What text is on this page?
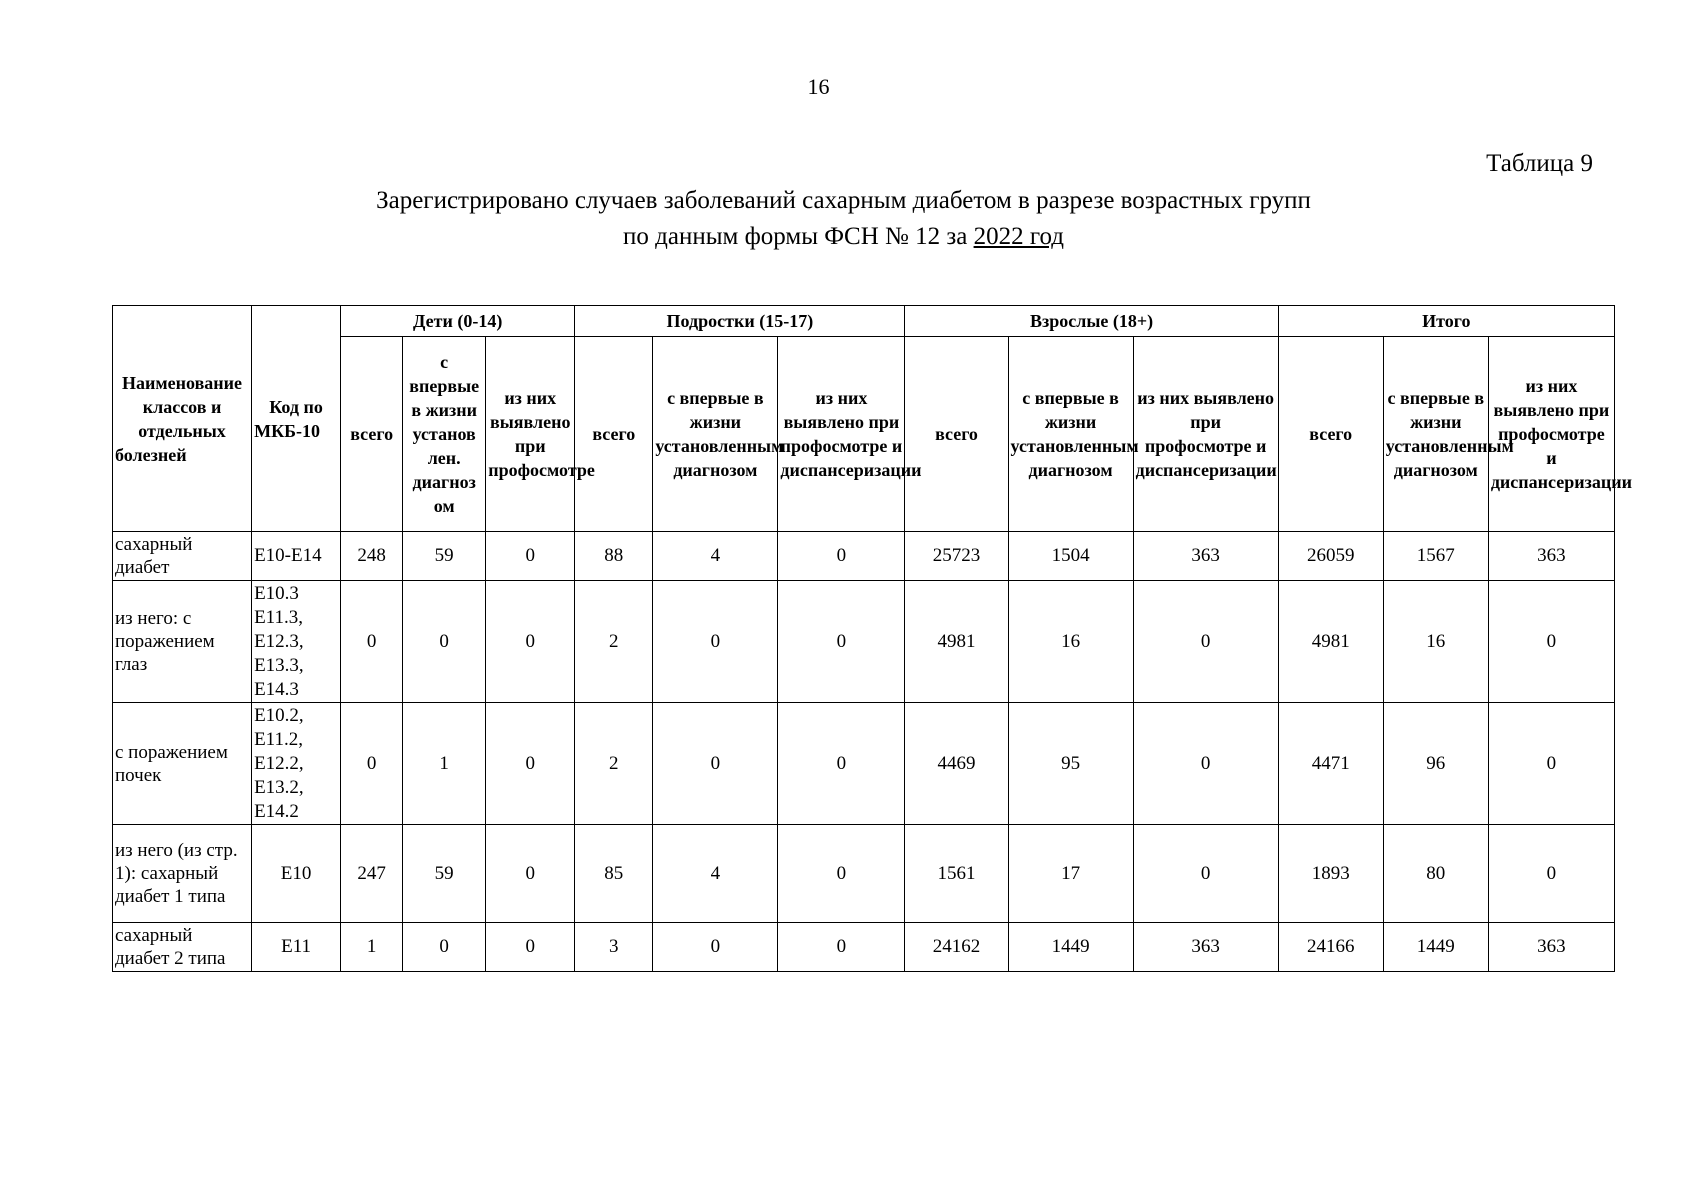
16
Таблица 9
Зарегистрировано случаев заболеваний сахарным диабетом в разрезе возрастных групп
по данным формы ФСН № 12 за 2022 год
Наименование классов и отдельных болезней	Код по МКБ-10	Дети (0-14)			Подростки (15-17)			Взрослые (18+)			Итого		
		всего	с впервые в жизни установ лен. диагноз ом	из них выявлено при профосмотре	всего	с впервые в жизни установленным диагнозом	из них выявлено при профосмотре и диспансеризации	всего	с впервые в жизни установленным диагнозом	из них выявлено при профосмотре и диспансеризации	всего	с впервые в жизни установленным диагнозом	из них выявлено при профосмотре и диспансеризации
сахарный диабет	Е10-Е14	248	59	0	88	4	0	25723	1504	363	26059	1567	363
из него: с поражением глаз	Е10.3 Е11.3, Е12.3, Е13.3, Е14.3	0	0	0	2	0	0	4981	16	0	4981	16	0
с поражением почек	Е10.2, Е11.2, Е12.2, Е13.2, Е14.2	0	1	0	2	0	0	4469	95	0	4471	96	0
из него (из стр. 1): сахарный диабет 1 типа	Е10	247	59	0	85	4	0	1561	17	0	1893	80	0
сахарный диабет 2 типа	Е11	1	0	0	3	0	0	24162	1449	363	24166	1449	363
